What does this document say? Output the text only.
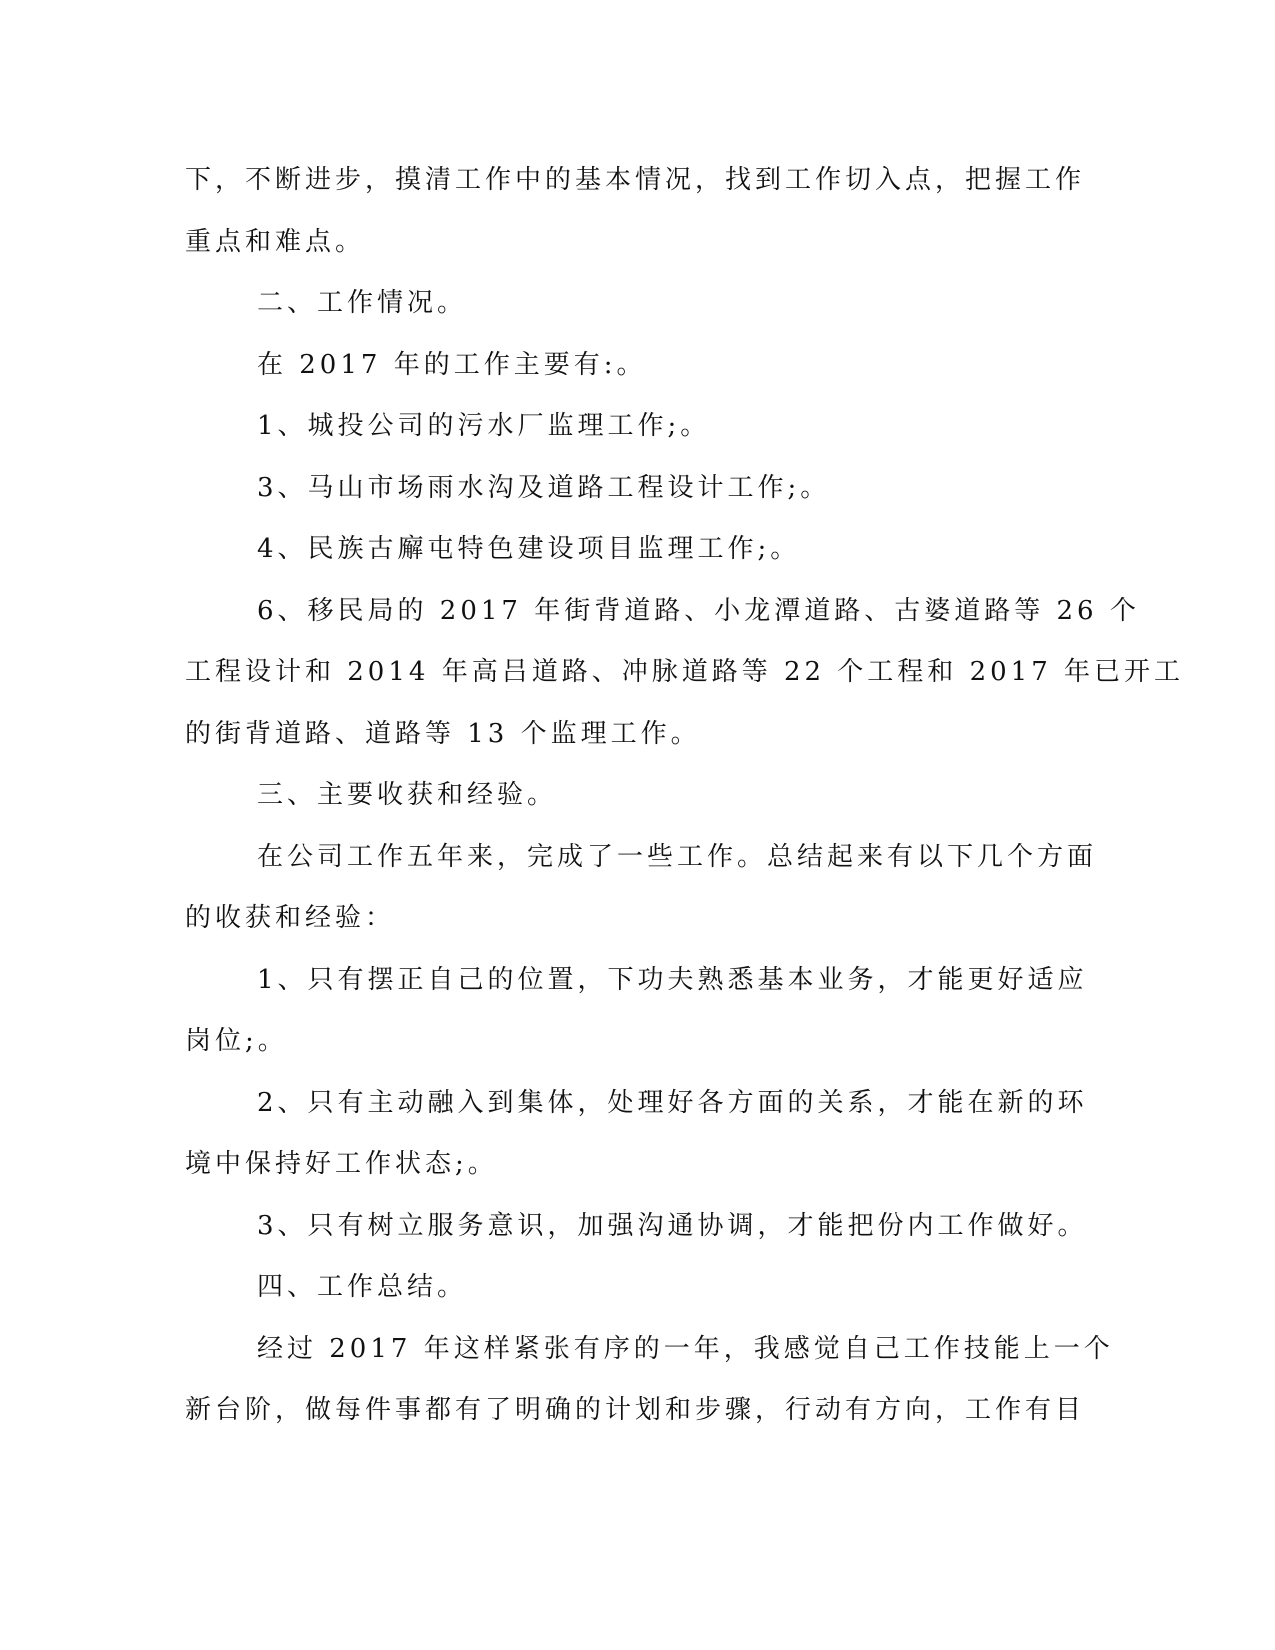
下，不断进步，摸清工作中的基本情况，找到工作切入点，把握工作
重点和难点。
二、工作情况。
在 2017 年的工作主要有:。
1、城投公司的污水厂监理工作;。
3、马山市场雨水沟及道路工程设计工作;。
4、民族古廨屯特色建设项目监理工作;。
6、移民局的 2017 年街背道路、小龙潭道路、古婆道路等 26 个
工程设计和 2014 年高吕道路、冲脉道路等 22 个工程和 2017 年已开工
的街背道路、道路等 13 个监理工作。
三、主要收获和经验。
在公司工作五年来，完成了一些工作。总结起来有以下几个方面
的收获和经验：
1、只有摆正自己的位置，下功夫熟悉基本业务，才能更好适应
岗位;。
2、只有主动融入到集体，处理好各方面的关系，才能在新的环
境中保持好工作状态;。
3、只有树立服务意识，加强沟通协调，才能把份内工作做好。
四、工作总结。
经过 2017 年这样紧张有序的一年，我感觉自己工作技能上一个
新台阶，做每件事都有了明确的计划和步骤，行动有方向，工作有目
